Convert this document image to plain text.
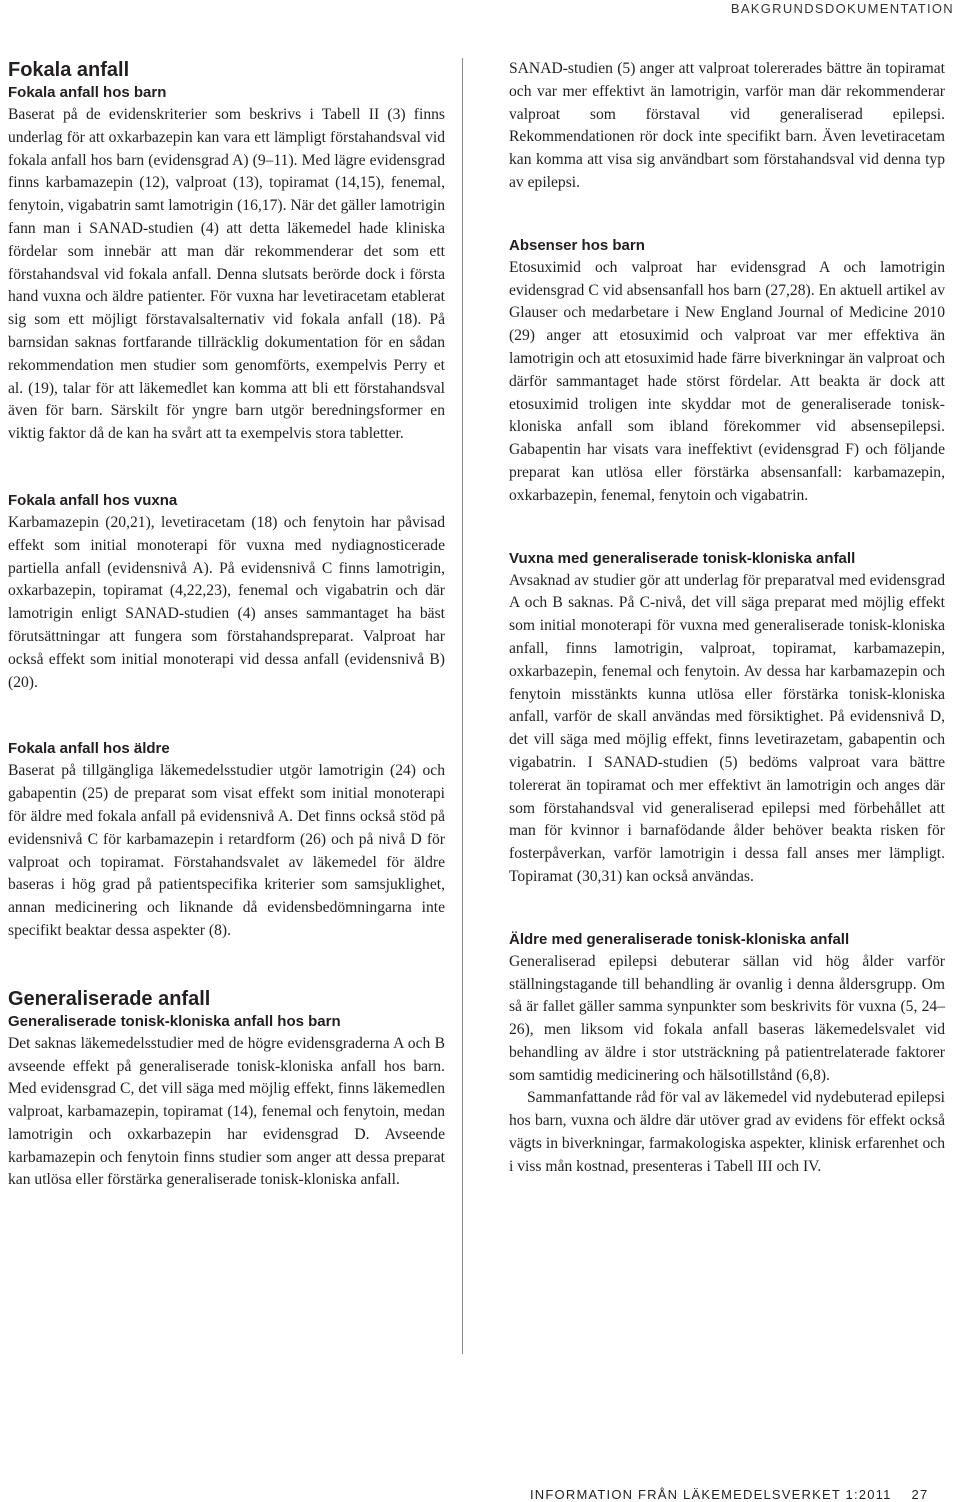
BAKGRUNDSDOKUMENTATION
Fokala anfall
Fokala anfall hos barn

Baserat på de evidenskriterier som beskrivs i Tabell II (3) finns underlag för att oxkarbazepin kan vara ett lämpligt förstahandsval vid fokala anfall hos barn (evidensgrad A) (9–11). Med lägre evidensgrad finns karbamazepin (12), valproat (13), topiramat (14,15), fenemal, fenytoin, vigabatrin samt lamotrigin (16,17). När det gäller lamotrigin fann man i SANAD-studien (4) att detta läkemedel hade kliniska fördelar som innebär att man där rekommenderar det som ett förstahandsval vid fokala anfall. Denna slutsats berörde dock i första hand vuxna och äldre patienter. För vuxna har levetiracetam etablerat sig som ett möjligt förstavalsalternativ vid fokala anfall (18). På barnsidan saknas fortfarande tillräcklig dokumentation för en sådan rekommendation men studier som genomförts, exempelvis Perry et al. (19), talar för att läkemedlet kan komma att bli ett förstahandsval även för barn. Särskilt för yngre barn utgör beredningsformer en viktig faktor då de kan ha svårt att ta exempelvis stora tabletter.

Fokala anfall hos vuxna

Karbamazepin (20,21), levetiracetam (18) och fenytoin har påvisad effekt som initial monoterapi för vuxna med nydiagnosticerade partiella anfall (evidensnivå A). På evidensnivå C finns lamotrigin, oxkarbazepin, topiramat (4,22,23), fenemal och vigabatrin och där lamotrigin enligt SANAD-studien (4) anses sammantaget ha bäst förutsättningar att fungera som förstahandspreparat. Valproat har också effekt som initial monoterapi vid dessa anfall (evidensnivå B) (20).

Fokala anfall hos äldre

Baserat på tillgängliga läkemedelsstudier utgör lamotrigin (24) och gabapentin (25) de preparat som visat effekt som initial monoterapi för äldre med fokala anfall på evidensnivå A. Det finns också stöd på evidensnivå C för karbamazepin i retardform (26) och på nivå D för valproat och topiramat. Förstahandsvalet av läkemedel för äldre baseras i hög grad på patientspecifika kriterier som samsjuklighet, annan medicinering och liknande då evidensbedömningarna inte specifikt beaktar dessa aspekter (8).

Generaliserade anfall
Generaliserade tonisk-kloniska anfall hos barn

Det saknas läkemedelsstudier med de högre evidensgraderna A och B avseende effekt på generaliserade tonisk-kloniska anfall hos barn. Med evidensgrad C, det vill säga med möjlig effekt, finns läkemedlen valproat, karbamazepin, topiramat (14), fenemal och fenytoin, medan lamotrigin och oxkarbazepin har evidensgrad D. Avseende karbamazepin och fenytoin finns studier som anger att dessa preparat kan utlösa eller förstärka generaliserade tonisk-kloniska anfall.

SANAD-studien (5) anger att valproat tolererades bättre än topiramat och var mer effektivt än lamotrigin, varför man där rekommenderar valproat som förstaval vid generaliserad epilepsi. Rekommendationen rör dock inte specifikt barn. Även levetiracetam kan komma att visa sig användbart som förstahandsval vid denna typ av epilepsi.

Absenser hos barn

Etosuximid och valproat har evidensgrad A och lamotrigin evidensgrad C vid absensanfall hos barn (27,28). En aktuell artikel av Glauser och medarbetare i New England Journal of Medicine 2010 (29) anger att etosuximid och valproat var mer effektiva än lamotrigin och att etosuximid hade färre biverkningar än valproat och därför sammantaget hade störst fördelar. Att beakta är dock att etosuximid troligen inte skyddar mot de generaliserade tonisk-kloniska anfall som ibland förekommer vid absensepilepsi. Gabapentin har visats vara ineffektivt (evidensgrad F) och följande preparat kan utlösa eller förstärka absensanfall: karbamazepin, oxkarbazepin, fenemal, fenytoin och vigabatrin.

Vuxna med generaliserade tonisk-kloniska anfall

Avsaknad av studier gör att underlag för preparatval med evidensgrad A och B saknas. På C-nivå, det vill säga preparat med möjlig effekt som initial monoterapi för vuxna med generaliserade tonisk-kloniska anfall, finns lamotrigin, valproat, topiramat, karbamazepin, oxkarbazepin, fenemal och fenytoin. Av dessa har karbamazepin och fenytoin misstänkts kunna utlösa eller förstärka tonisk-kloniska anfall, varför de skall användas med försiktighet. På evidensnivå D, det vill säga med möjlig effekt, finns levetirazetam, gabapentin och vigabatrin. I SANAD-studien (5) bedöms valproat vara bättre tolererat än topiramat och mer effektivt än lamotrigin och anges där som förstahandsval vid generaliserad epilepsi med förbehållet att man för kvinnor i barnafödande ålder behöver beakta risken för fosterpåverkan, varför lamotrigin i dessa fall anses mer lämpligt. Topiramat (30,31) kan också användas.

Äldre med generaliserade tonisk-kloniska anfall

Generaliserad epilepsi debuterar sällan vid hög ålder varför ställningstagande till behandling är ovanlig i denna åldersgrupp. Om så är fallet gäller samma synpunkter som beskrivits för vuxna (5, 24–26), men liksom vid fokala anfall baseras läkemedelsvalet vid behandling av äldre i stor utsträckning på patientrelaterade faktorer som samtidig medicinering och hälsotillstånd (6,8).

Sammanfattande råd för val av läkemedel vid nydebuterad epilepsi hos barn, vuxna och äldre där utöver grad av evidens för effekt också vägts in biverkningar, farmakologiska aspekter, klinisk erfarenhet och i viss mån kostnad, presenteras i Tabell III och IV.

INFORMATION FRÅN LÄKEMEDELSVERKET 1:2011 27
